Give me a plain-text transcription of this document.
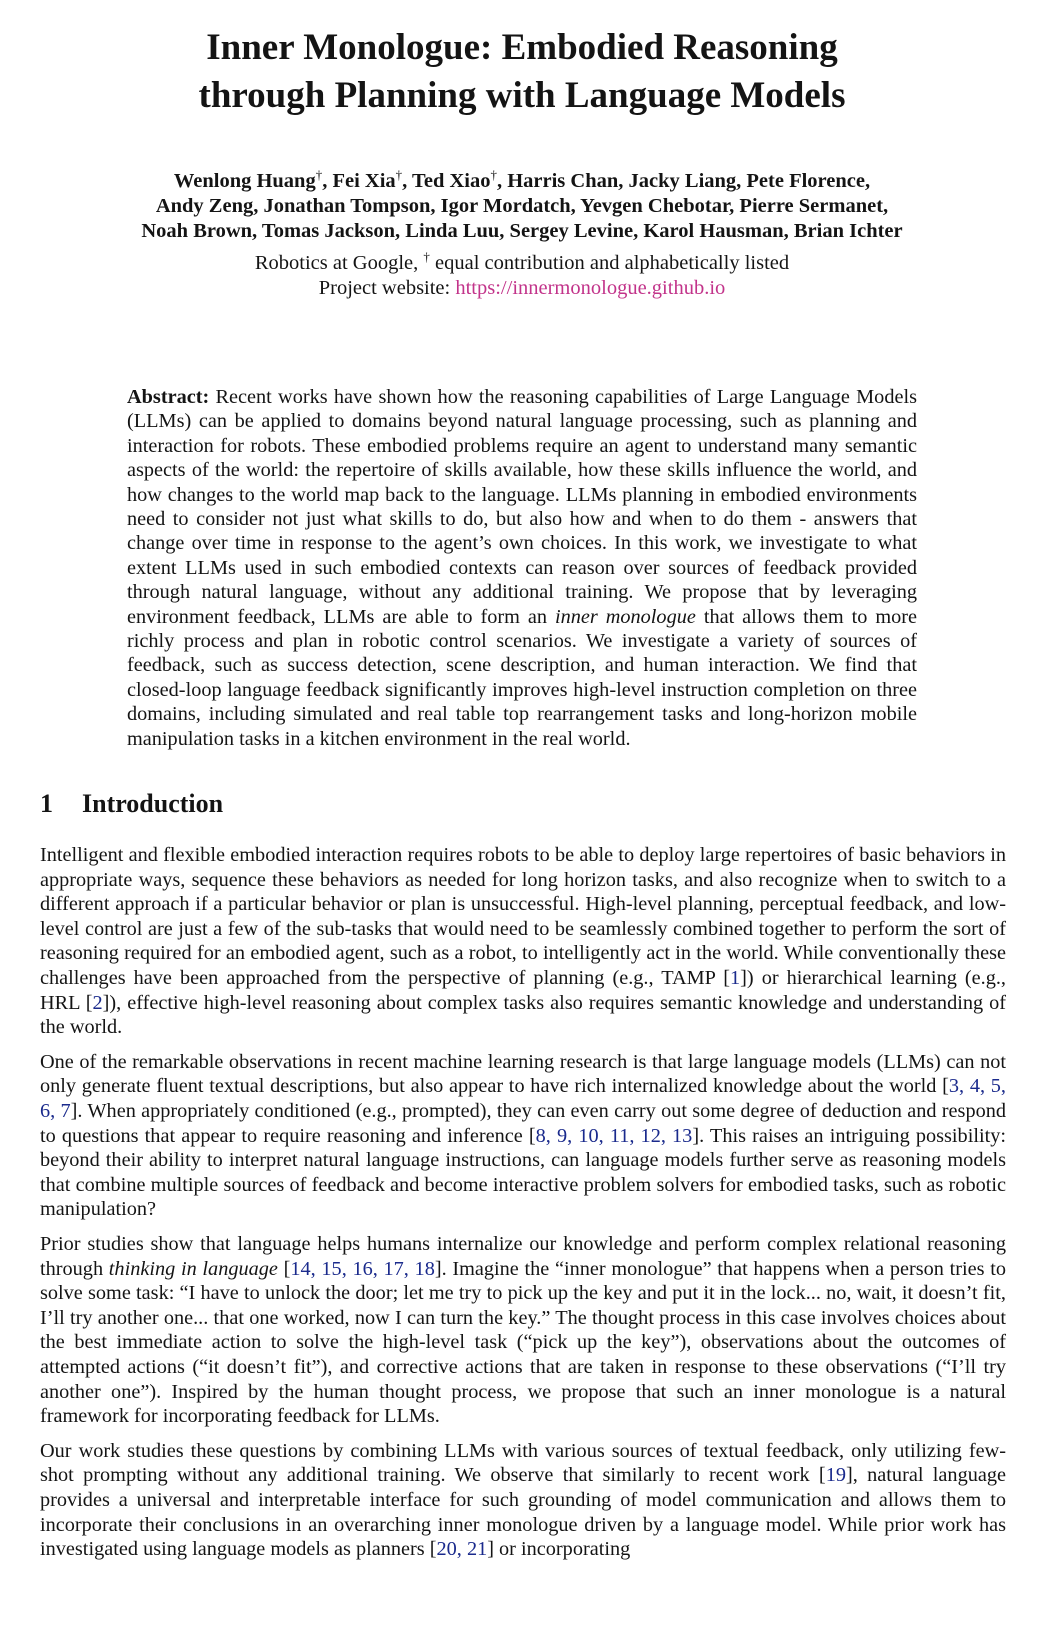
Inner Monologue: Embodied Reasoning
through Planning with Language Models
Wenlong Huang†, Fei Xia†, Ted Xiao†, Harris Chan, Jacky Liang, Pete Florence,
Andy Zeng, Jonathan Tompson, Igor Mordatch, Yevgen Chebotar, Pierre Sermanet,
Noah Brown, Tomas Jackson, Linda Luu, Sergey Levine, Karol Hausman, Brian Ichter
Robotics at Google, † equal contribution and alphabetically listed
Project website: https://innermonologue.github.io
Abstract: Recent works have shown how the reasoning capabilities of Large Language Models (LLMs) can be applied to domains beyond natural language processing, such as planning and interaction for robots. These embodied problems require an agent to understand many semantic aspects of the world: the repertoire of skills available, how these skills influence the world, and how changes to the world map back to the language. LLMs planning in embodied environments need to consider not just what skills to do, but also how and when to do them - answers that change over time in response to the agent’s own choices. In this work, we investigate to what extent LLMs used in such embodied contexts can reason over sources of feedback provided through natural language, without any additional training. We propose that by leveraging environment feedback, LLMs are able to form an inner monologue that allows them to more richly process and plan in robotic control scenarios. We investigate a variety of sources of feedback, such as success detection, scene description, and human interaction. We find that closed-loop language feedback significantly improves high-level instruction completion on three domains, including simulated and real table top rearrangement tasks and long-horizon mobile manipulation tasks in a kitchen environment in the real world.
1 Introduction

Intelligent and flexible embodied interaction requires robots to be able to deploy large repertoires of basic behaviors in appropriate ways, sequence these behaviors as needed for long horizon tasks, and also recognize when to switch to a different approach if a particular behavior or plan is unsuccessful. High-level planning, perceptual feedback, and low-level control are just a few of the sub-tasks that would need to be seamlessly combined together to perform the sort of reasoning required for an embodied agent, such as a robot, to intelligently act in the world. While conventionally these challenges have been approached from the perspective of planning (e.g., TAMP [1]) or hierarchical learning (e.g., HRL [2]), effective high-level reasoning about complex tasks also requires semantic knowledge and understanding of the world.

One of the remarkable observations in recent machine learning research is that large language models (LLMs) can not only generate fluent textual descriptions, but also appear to have rich internalized knowledge about the world [3, 4, 5, 6, 7]. When appropriately conditioned (e.g., prompted), they can even carry out some degree of deduction and respond to questions that appear to require reasoning and inference [8, 9, 10, 11, 12, 13]. This raises an intriguing possibility: beyond their ability to interpret natural language instructions, can language models further serve as reasoning models that combine multiple sources of feedback and become interactive problem solvers for embodied tasks, such as robotic manipulation?

Prior studies show that language helps humans internalize our knowledge and perform complex relational reasoning through thinking in language [14, 15, 16, 17, 18]. Imagine the “inner monologue” that happens when a person tries to solve some task: “I have to unlock the door; let me try to pick up the key and put it in the lock... no, wait, it doesn’t fit, I’ll try another one... that one worked, now I can turn the key.” The thought process in this case involves choices about the best immediate action to solve the high-level task (“pick up the key”), observations about the outcomes of attempted actions (“it doesn’t fit”), and corrective actions that are taken in response to these observations (“I’ll try another one”). Inspired by the human thought process, we propose that such an inner monologue is a natural framework for incorporating feedback for LLMs.

Our work studies these questions by combining LLMs with various sources of textual feedback, only utilizing few-shot prompting without any additional training. We observe that similarly to recent work [19], natural language provides a universal and interpretable interface for such grounding of model communication and allows them to incorporate their conclusions in an overarching inner monologue driven by a language model. While prior work has investigated using language models as planners [20, 21] or incorporating
